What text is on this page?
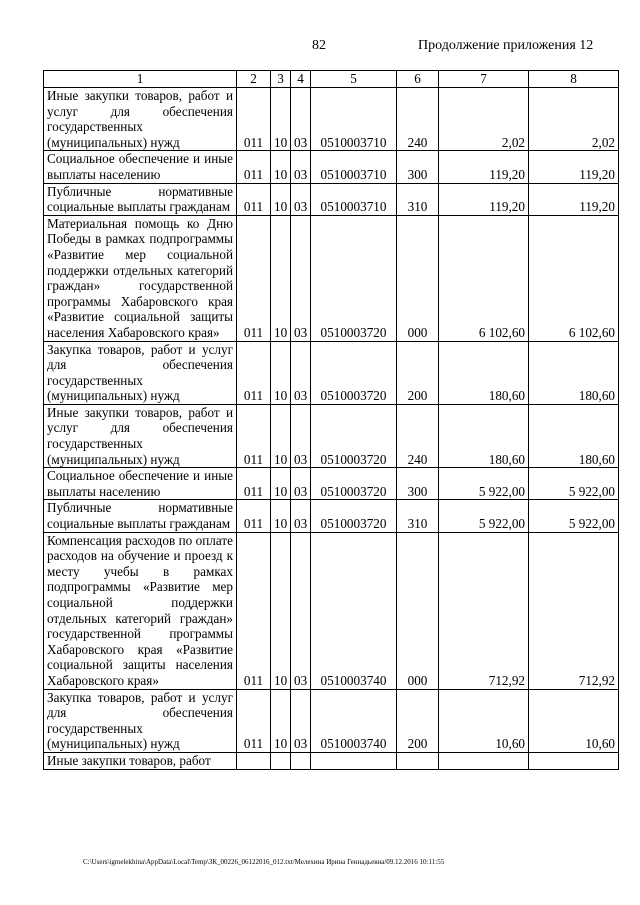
82	Продолжение приложения 12
1	2	3	4	5	6	7	8
Иные закупки товаров, работ и услуг для обеспечения государственных (муниципальных) нужд	011	10	03	0510003710	240	2,02	2,02
Социальное обеспечение и иные выплаты населению	011	10	03	0510003710	300	119,20	119,20
Публичные нормативные социальные выплаты гражданам	011	10	03	0510003710	310	119,20	119,20
Материальная помощь ко Дню Победы в рамках подпрограммы «Развитие мер социальной поддержки отдельных категорий граждан» государственной программы Хабаровского края «Развитие социальной защиты населения Хабаровского края»	011	10	03	0510003720	000	6 102,60	6 102,60
Закупка товаров, работ и услуг для обеспечения государственных (муниципальных) нужд	011	10	03	0510003720	200	180,60	180,60
Иные закупки товаров, работ и услуг для обеспечения государственных (муниципальных) нужд	011	10	03	0510003720	240	180,60	180,60
Социальное обеспечение и иные выплаты населению	011	10	03	0510003720	300	5 922,00	5 922,00
Публичные нормативные социальные выплаты гражданам	011	10	03	0510003720	310	5 922,00	5 922,00
Компенсация расходов по оплате расходов на обучение и проезд к месту учебы в рамках подпрограммы «Развитие мер социальной поддержки отдельных категорий граждан» государственной программы Хабаровского края «Развитие социальной защиты населения Хабаровского края»	011	10	03	0510003740	000	712,92	712,92
Закупка товаров, работ и услуг для обеспечения государственных (муниципальных) нужд	011	10	03	0510003740	200	10,60	10,60
Иные закупки товаров, работ							
C:\Users\igmelekhina\AppData\Local\Temp\ЗК_00226_06122016_012.txt/Мелехина Ирина Геннадьевна/09.12.2016 10:11:55
